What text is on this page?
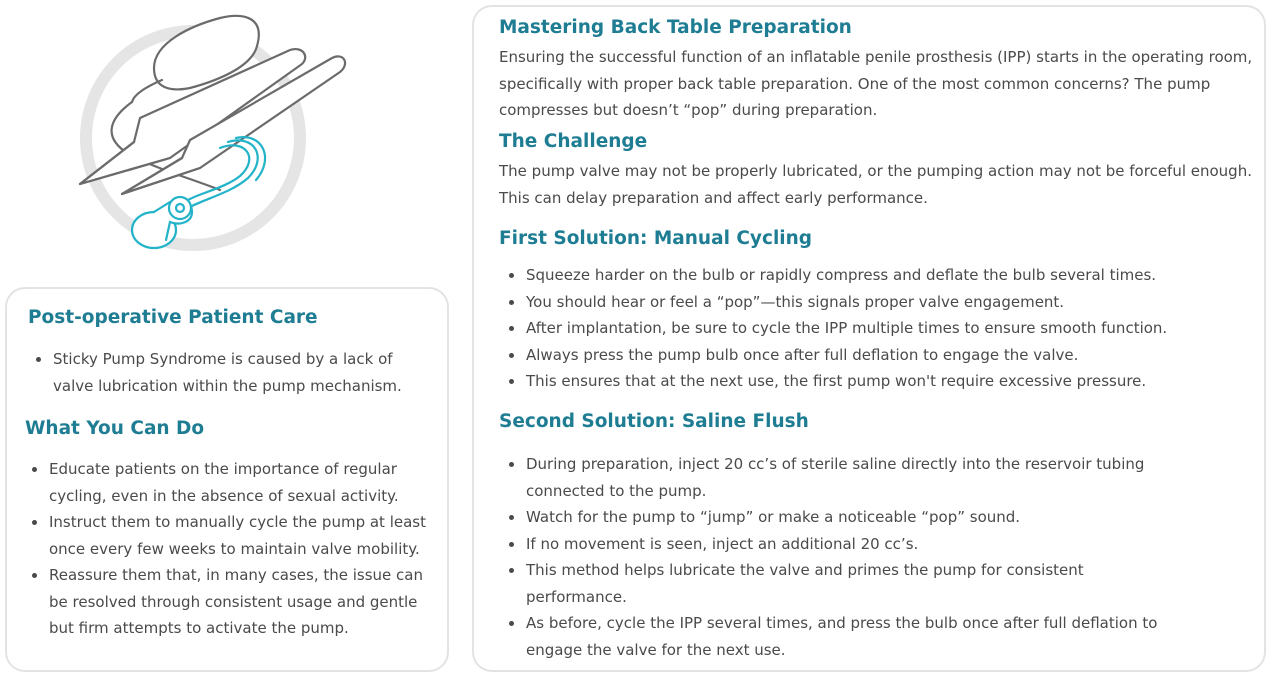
Post-operative Patient Care
Sticky Pump Syndrome is caused by a lack of valve lubrication within the pump mechanism.
What You Can Do
Educate patients on the importance of regular cycling, even in the absence of sexual activity.
Instruct them to manually cycle the pump at least once every few weeks to maintain valve mobility.
Reassure them that, in many cases, the issue can be resolved through consistent usage and gentle but firm attempts to activate the pump.
Mastering Back Table Preparation

Ensuring the successful function of an inflatable penile prosthesis (IPP) starts in the operating room, specifically with proper back table preparation. One of the most common concerns? The pump compresses but doesn’t “pop” during preparation.

The Challenge

The pump valve may not be properly lubricated, or the pumping action may not be forceful enough. This can delay preparation and affect early performance.

First Solution: Manual Cycling
Squeeze harder on the bulb or rapidly compress and deflate the bulb several times.
You should hear or feel a “pop”—this signals proper valve engagement.
After implantation, be sure to cycle the IPP multiple times to ensure smooth function.
Always press the pump bulb once after full deflation to engage the valve.
This ensures that at the next use, the first pump won't require excessive pressure.
Second Solution: Saline Flush
During preparation, inject 20 cc’s of sterile saline directly into the reservoir tubing connected to the pump.
Watch for the pump to “jump” or make a noticeable “pop” sound.
If no movement is seen, inject an additional 20 cc’s.
This method helps lubricate the valve and primes the pump for consistent performance.
As before, cycle the IPP several times, and press the bulb once after full deflation to engage the valve for the next use.
